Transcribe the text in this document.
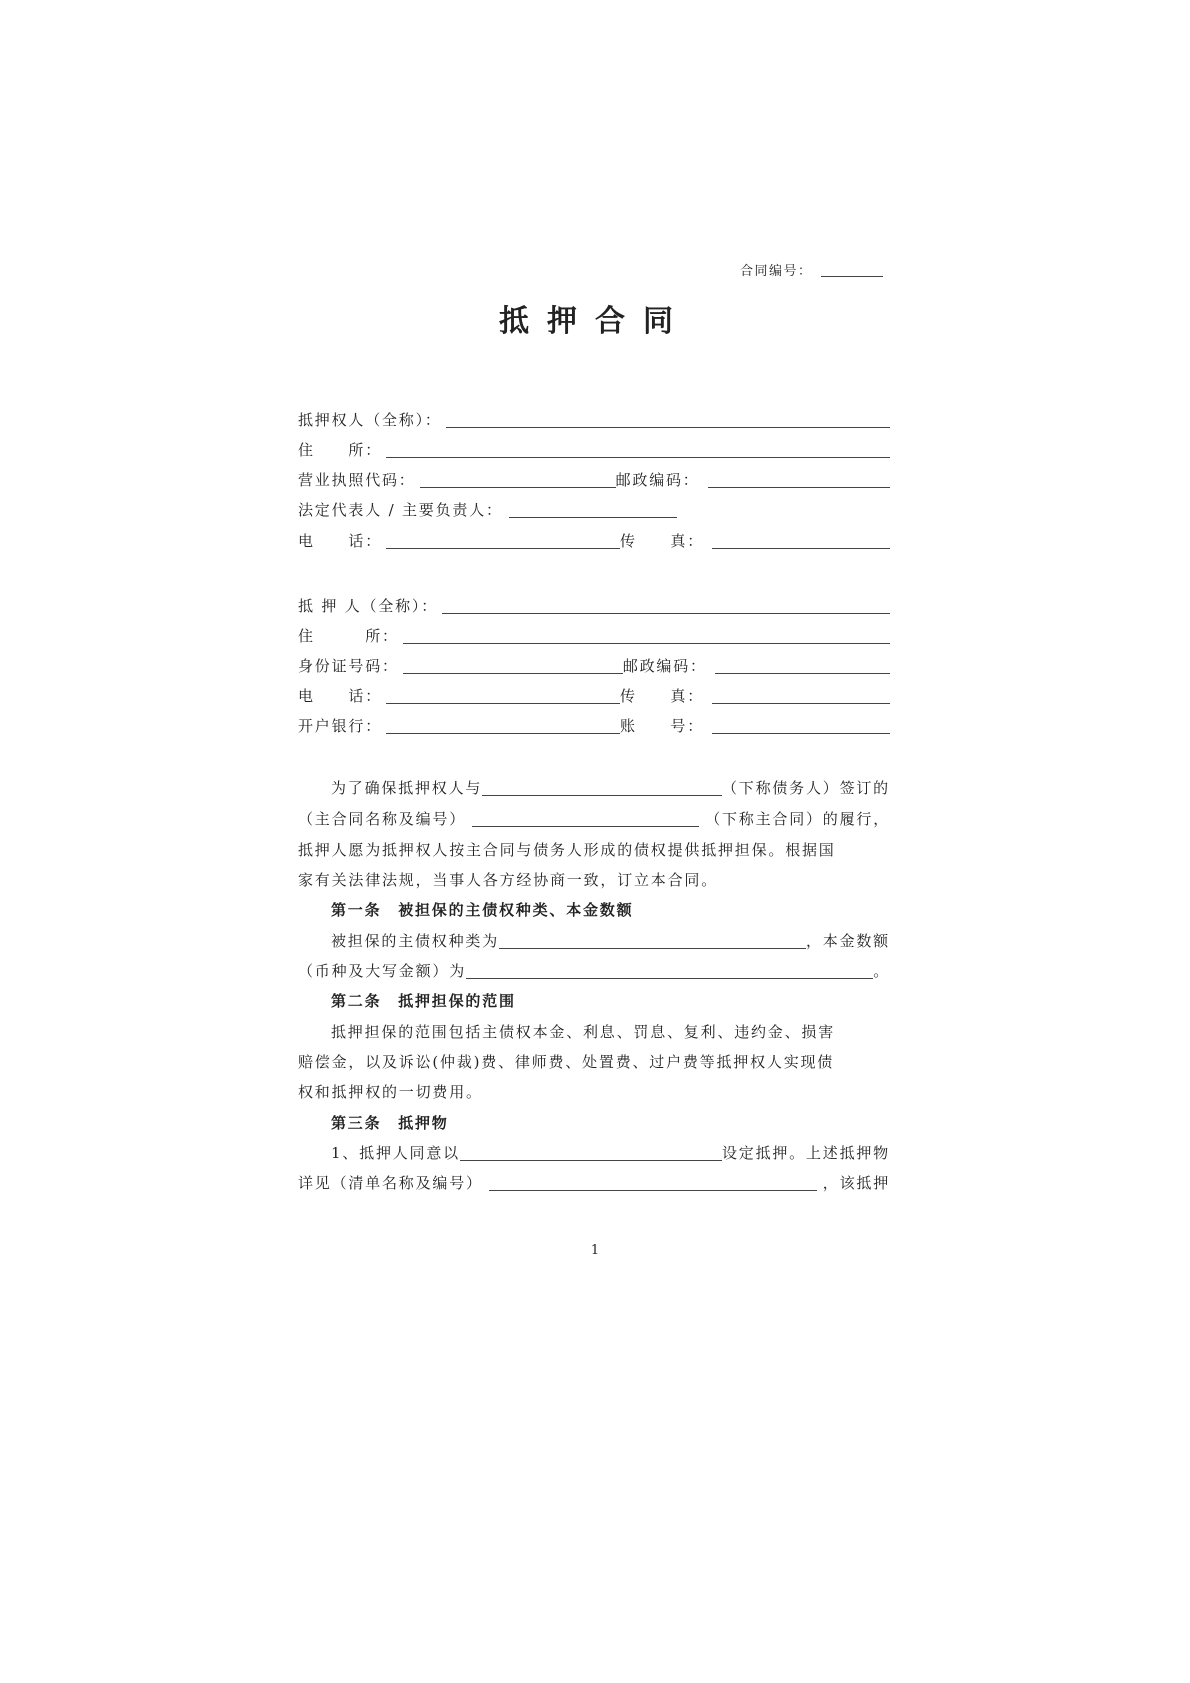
合同编号：
抵押合同
抵押权人（全称）：
住　　所：
营业执照代码：	邮政编码：
法定代表人 / 主要负责人：
电　　话：	传　　真：
抵 押 人（全称）：
住　　　所：
身份证号码：	邮政编码：
电　　话：	传　　真：
开户银行：	账　　号：
为了确保抵押权人与	（下称债务人）签订的
（主合同名称及编号）	（下称主合同）的履行，
抵押人愿为抵押权人按主合同与债务人形成的债权提供抵押担保。根据国
家有关法律法规，当事人各方经协商一致，订立本合同。
第一条　被担保的主债权种类、本金数额
被担保的主债权种类为	，本金数额
（币种及大写金额）为	。
第二条　抵押担保的范围
抵押担保的范围包括主债权本金、利息、罚息、复利、违约金、损害
赔偿金，以及诉讼(仲裁)费、律师费、处置费、过户费等抵押权人实现债
权和抵押权的一切费用。
第三条　抵押物
1、抵押人同意以	设定抵押。上述抵押物
详见（清单名称及编号）	，该抵押
1
